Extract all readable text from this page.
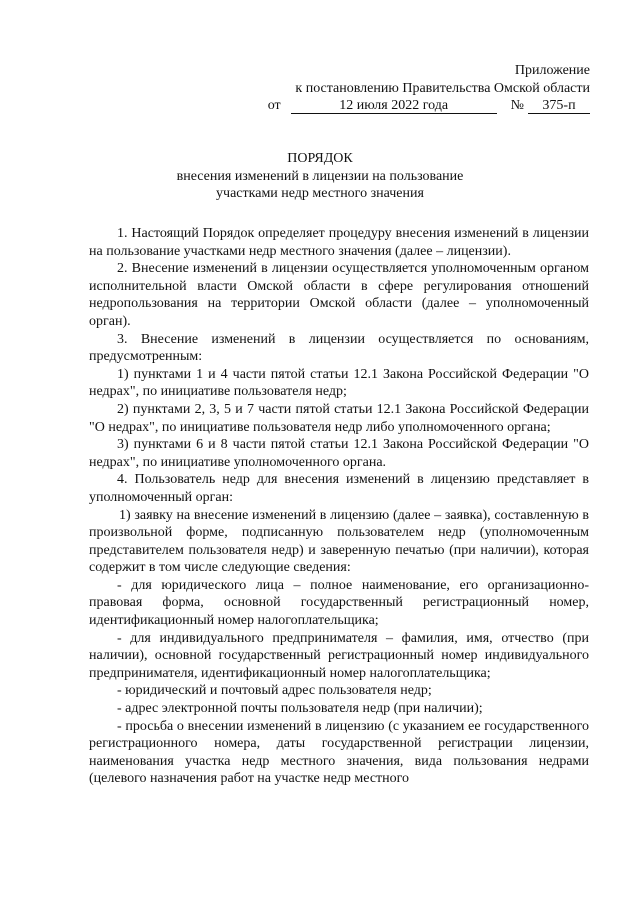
Приложение
к постановлению Правительства Омской области
от	12 июля 2022 года	№	375-п
ПОРЯДОК
внесения изменений в лицензии на пользование
участками недр местного значения

1. Настоящий Порядок определяет процедуру внесения изменений в лицензии на пользование участками недр местного значения (далее – лицензии).

2. Внесение изменений в лицензии осуществляется уполномоченным органом исполнительной власти Омской области в сфере регулирования отношений недропользования на территории Омской области (далее – уполномоченный орган).

3. Внесение изменений в лицензии осуществляется по основаниям, предусмотренным:

1) пунктами 1 и 4 части пятой статьи 12.1 Закона Российской Федерации "О недрах", по инициативе пользователя недр;

2) пунктами 2, 3, 5 и 7 части пятой статьи 12.1 Закона Российской Федерации "О недрах", по инициативе пользователя недр либо уполномоченного органа;

3) пунктами 6 и 8 части пятой статьи 12.1 Закона Российской Федерации "О недрах", по инициативе уполномоченного органа.

4. Пользователь недр для внесения изменений в лицензию представляет в уполномоченный орган:

1) заявку на внесение изменений в лицензию (далее – заявка), составленную в произвольной форме, подписанную пользователем недр (уполномоченным представителем пользователя недр) и заверенную печатью (при наличии), которая содержит в том числе следующие сведения:

- для юридического лица – полное наименование, его организационно-правовая форма, основной государственный регистрационный номер, идентификационный номер налогоплательщика;

- для индивидуального предпринимателя – фамилия, имя, отчество (при наличии), основной государственный регистрационный номер индивидуального предпринимателя, идентификационный номер налогоплательщика;

- юридический и почтовый адрес пользователя недр;

- адрес электронной почты пользователя недр (при наличии);

- просьба о внесении изменений в лицензию (с указанием ее государственного регистрационного номера, даты государственной регистрации лицензии, наименования участка недр местного значения, вида пользования недрами (целевого назначения работ на участке недр местного
